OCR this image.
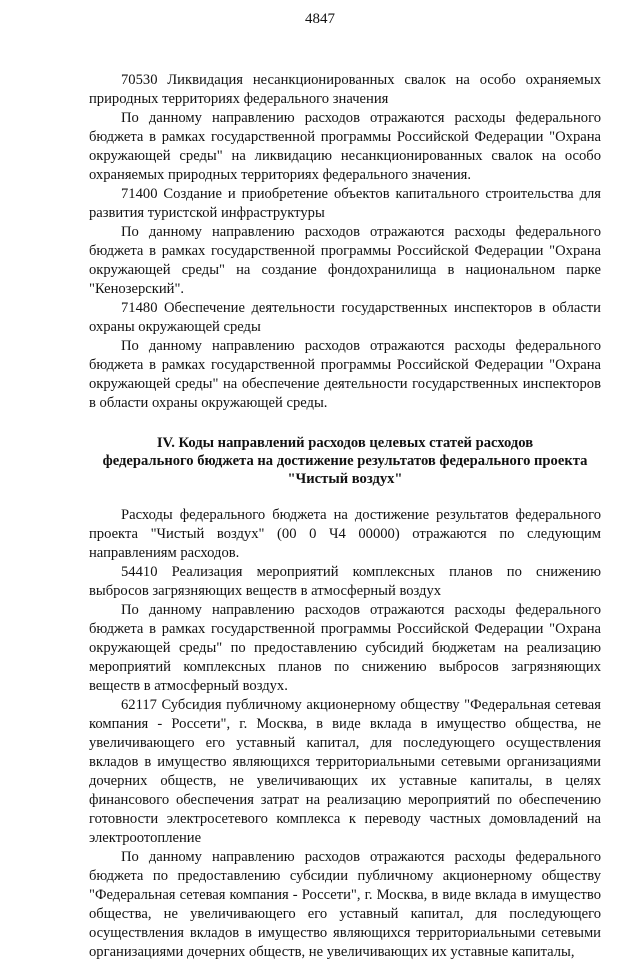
4847

70530 Ликвидация несанкционированных свалок на особо охраняемых природных территориях федерального значения

По данному направлению расходов отражаются расходы федерального бюджета в рамках государственной программы Российской Федерации "Охрана окружающей среды" на ликвидацию несанкционированных свалок на особо охраняемых природных территориях федерального значения.

71400 Создание и приобретение объектов капитального строительства для развития туристской инфраструктуры

По данному направлению расходов отражаются расходы федерального бюджета в рамках государственной программы Российской Федерации "Охрана окружающей среды" на создание фондохранилища в национальном парке "Кенозерский".

71480 Обеспечение деятельности государственных инспекторов в области охраны окружающей среды

По данному направлению расходов отражаются расходы федерального бюджета в рамках государственной программы Российской Федерации "Охрана окружающей среды" на обеспечение деятельности государственных инспекторов в области охраны окружающей среды.

IV. Коды направлений расходов целевых статей расходов
федерального бюджета на достижение результатов федерального проекта
"Чистый воздух"

Расходы федерального бюджета на достижение результатов федерального проекта "Чистый воздух" (00 0 Ч4 00000) отражаются по следующим направлениям расходов.

54410 Реализация мероприятий комплексных планов по снижению выбросов загрязняющих веществ в атмосферный воздух

По данному направлению расходов отражаются расходы федерального бюджета в рамках государственной программы Российской Федерации "Охрана окружающей среды" по предоставлению субсидий бюджетам на реализацию мероприятий комплексных планов по снижению выбросов загрязняющих веществ в атмосферный воздух.

62117 Субсидия публичному акционерному обществу "Федеральная сетевая компания - Россети", г. Москва, в виде вклада в имущество общества, не увеличивающего его уставный капитал, для последующего осуществления вкладов в имущество являющихся территориальными сетевыми организациями дочерних обществ, не увеличивающих их уставные капиталы, в целях финансового обеспечения затрат на реализацию мероприятий по обеспечению готовности электросетевого комплекса к переводу частных домовладений на электроотопление

По данному направлению расходов отражаются расходы федерального бюджета по предоставлению субсидии публичному акционерному обществу "Федеральная сетевая компания - Россети", г. Москва, в виде вклада в имущество общества, не увеличивающего его уставный капитал, для последующего осуществления вкладов в имущество являющихся территориальными сетевыми организациями дочерних обществ, не увеличивающих их уставные капиталы,
